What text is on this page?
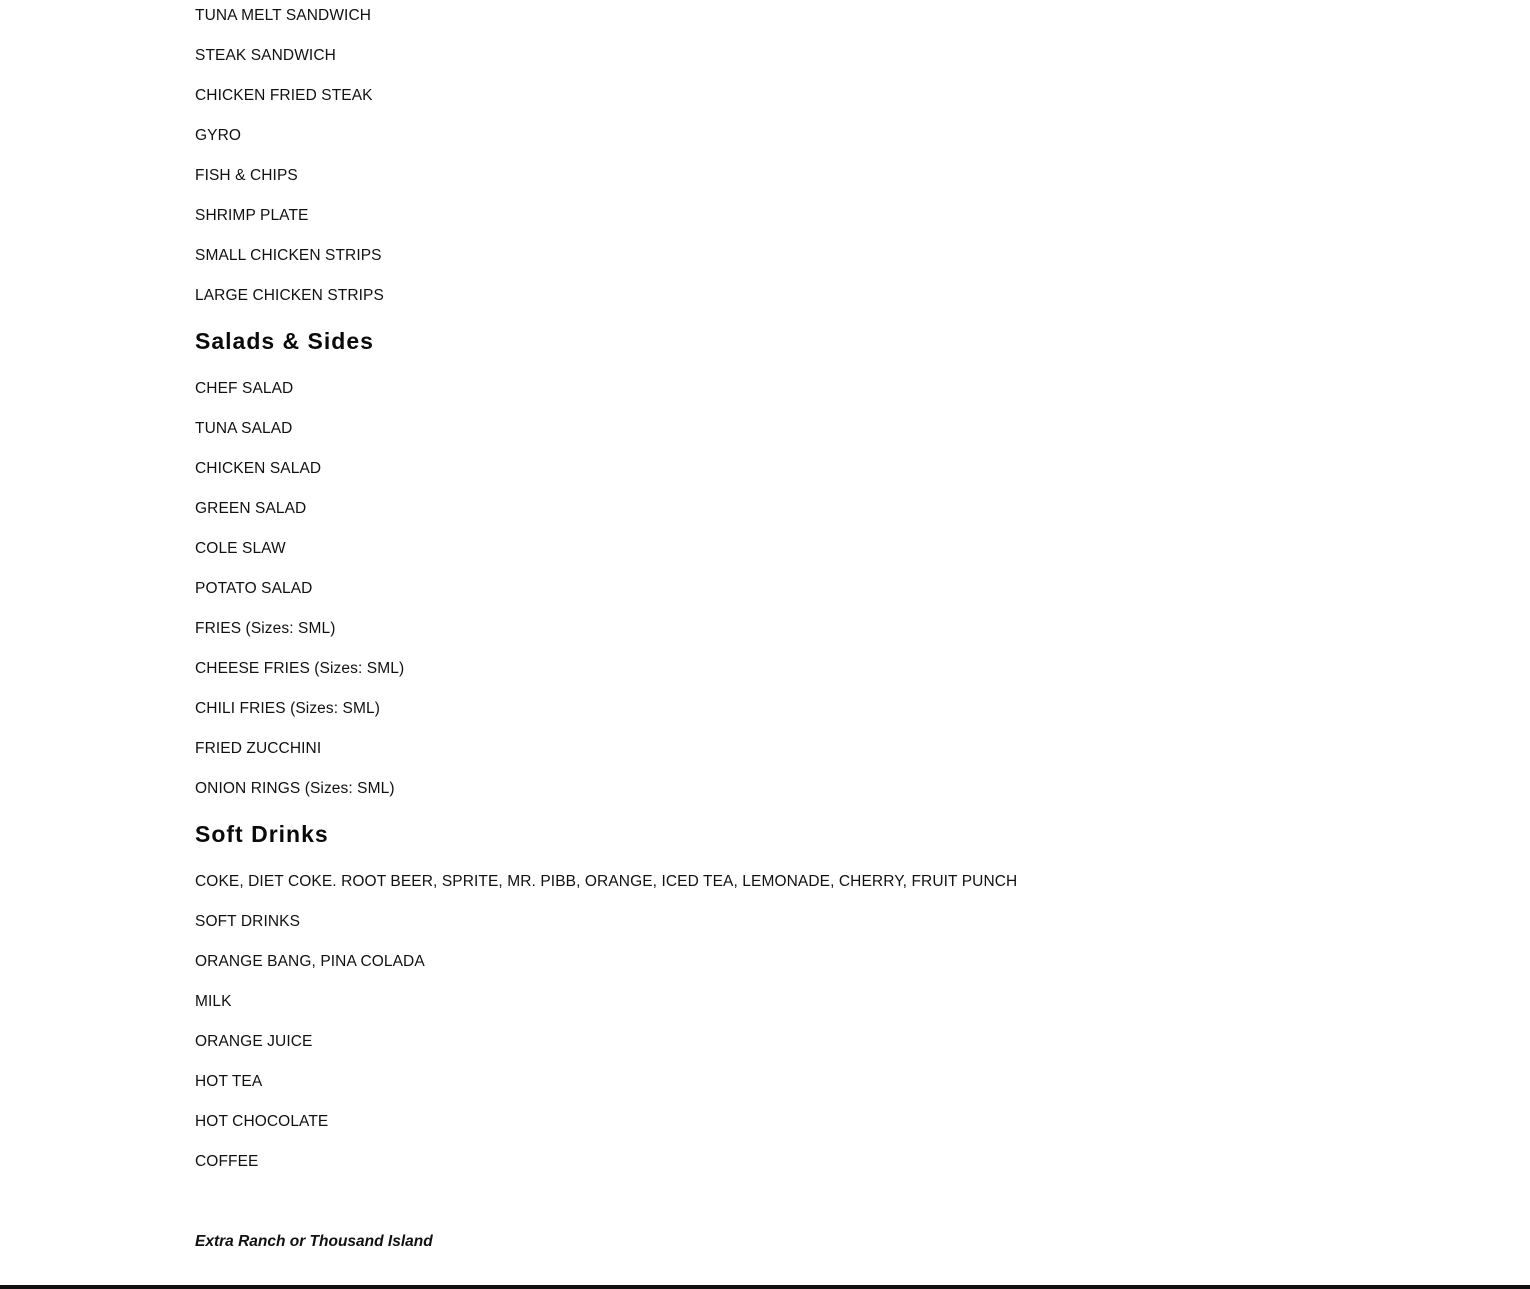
TUNA MELT SANDWICH
STEAK SANDWICH
CHICKEN FRIED STEAK
GYRO
FISH & CHIPS
SHRIMP PLATE
SMALL CHICKEN STRIPS
LARGE CHICKEN STRIPS
Salads & Sides
CHEF SALAD
TUNA SALAD
CHICKEN SALAD
GREEN SALAD
COLE SLAW
POTATO SALAD
FRIES (Sizes: SML)
CHEESE FRIES (Sizes: SML)
CHILI FRIES (Sizes: SML)
FRIED ZUCCHINI
ONION RINGS (Sizes: SML)
Soft Drinks
COKE, DIET COKE. ROOT BEER, SPRITE, MR. PIBB, ORANGE, ICED TEA, LEMONADE, CHERRY, FRUIT PUNCH
SOFT DRINKS
ORANGE BANG, PINA COLADA
MILK
ORANGE JUICE
HOT TEA
HOT CHOCOLATE
COFFEE
Extra Ranch or Thousand Island
